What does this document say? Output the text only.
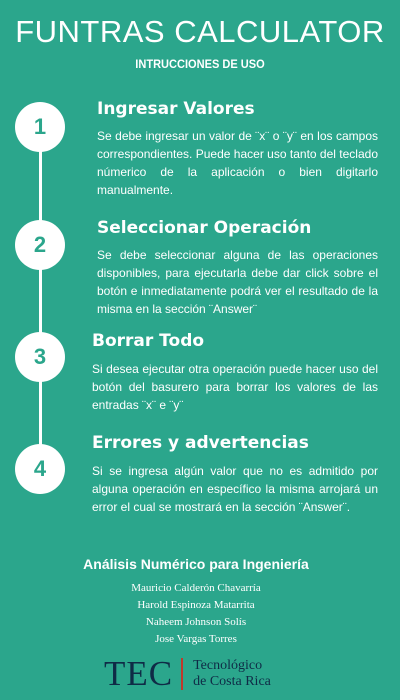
FUNTRAS CALCULATOR
INTRUCCIONES DE USO
1
Ingresar Valores
Se debe ingresar un valor de ¨x¨ o ¨y¨ en los campos correspondientes. Puede hacer uso tanto del teclado númerico de la aplicación o bien digitarlo manualmente.
2
Seleccionar Operación
Se debe seleccionar alguna de las operaciones disponibles, para ejecutarla debe dar click sobre el botón e inmediatamente podrá ver el resultado de la misma en la sección ¨Answer¨
3
Borrar Todo
Si desea ejecutar otra operación puede hacer uso del botón del basurero para borrar los valores de las entradas ¨x¨ e ¨y¨
4
Errores y advertencias
Si se ingresa algún valor que no es admitido por alguna operación en específico la misma arrojará un error el cual se mostrará en la sección ¨Answer¨.
Análisis Numérico para Ingeniería
Mauricio Calderón Chavarría
Harold Espinoza Matarrita
Naheem Johnson Solís
Jose Vargas Torres
TEC Tecnológico
de Costa Rica
